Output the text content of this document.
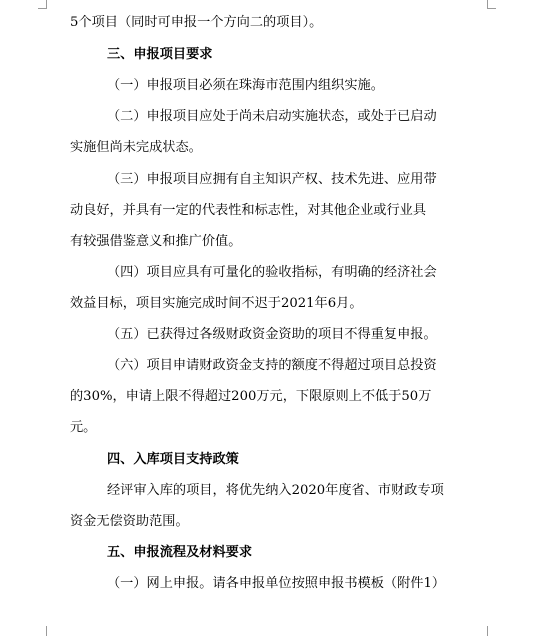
5个项目（同时可申报一个方向二的项目）。
三、申报项目要求
（一）申报项目必须在珠海市范围内组织实施。
（二）申报项目应处于尚未启动实施状态，或处于已启动
实施但尚未完成状态。
（三）申报项目应拥有自主知识产权、技术先进、应用带
动良好，并具有一定的代表性和标志性，对其他企业或行业具
有较强借鉴意义和推广价值。
（四）项目应具有可量化的验收指标，有明确的经济社会
效益目标，项目实施完成时间不迟于2021年6月。
（五）已获得过各级财政资金资助的项目不得重复申报。
（六）项目申请财政资金支持的额度不得超过项目总投资
的30%，申请上限不得超过200万元，下限原则上不低于50万
元。
四、入库项目支持政策
经评审入库的项目，将优先纳入2020年度省、市财政专项
资金无偿资助范围。
五、申报流程及材料要求
（一）网上申报。请各申报单位按照申报书模板（附件1）
